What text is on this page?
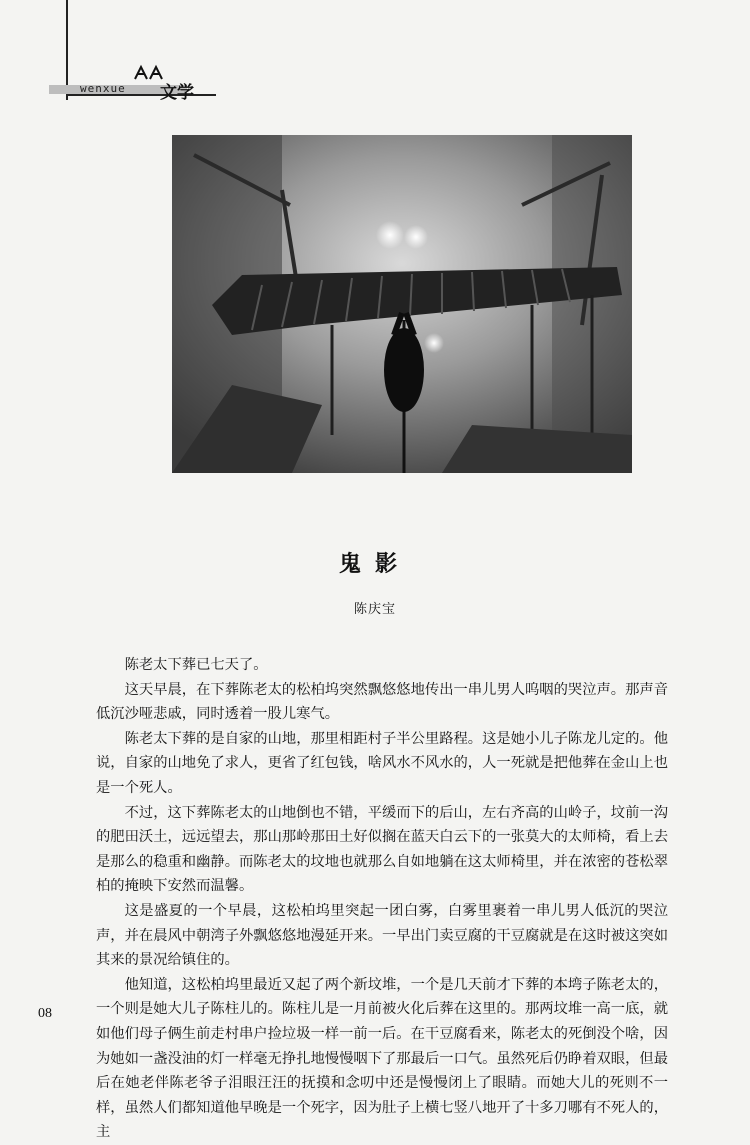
wenxue 文学
鬼影
陈庆宝

陈老太下葬已七天了。

这天早晨，在下葬陈老太的松柏坞突然飘悠悠地传出一串儿男人呜咽的哭泣声。那声音低沉沙哑悲戚，同时透着一股儿寒气。

陈老太下葬的是自家的山地，那里相距村子半公里路程。这是她小儿子陈龙儿定的。他说，自家的山地免了求人，更省了红包钱，啥风水不风水的，人一死就是把他葬在金山上也是一个死人。

不过，这下葬陈老太的山地倒也不错，平缓而下的后山，左右齐高的山岭子，坟前一沟的肥田沃土，远远望去，那山那岭那田土好似搁在蓝天白云下的一张莫大的太师椅，看上去是那么的稳重和幽静。而陈老太的坟地也就那么自如地躺在这太师椅里，并在浓密的苍松翠柏的掩映下安然而温馨。

这是盛夏的一个早晨，这松柏坞里突起一团白雾，白雾里裹着一串儿男人低沉的哭泣声，并在晨风中朝湾子外飘悠悠地漫延开来。一早出门卖豆腐的干豆腐就是在这时被这突如其来的景况给镇住的。

他知道，这松柏坞里最近又起了两个新坟堆，一个是几天前才下葬的本塆子陈老太的，一个则是她大儿子陈柱儿的。陈柱儿是一月前被火化后葬在这里的。那两坟堆一高一底，就如他们母子俩生前走村串户捡垃圾一样一前一后。在干豆腐看来，陈老太的死倒没个啥，因为她如一盏没油的灯一样毫无挣扎地慢慢咽下了那最后一口气。虽然死后仍睁着双眼，但最后在她老伴陈老爷子泪眼汪汪的抚摸和念叨中还是慢慢闭上了眼睛。而她大儿的死则不一样，虽然人们都知道他早晚是一个死字，因为肚子上横七竖八地开了十多刀哪有不死人的，主

08
